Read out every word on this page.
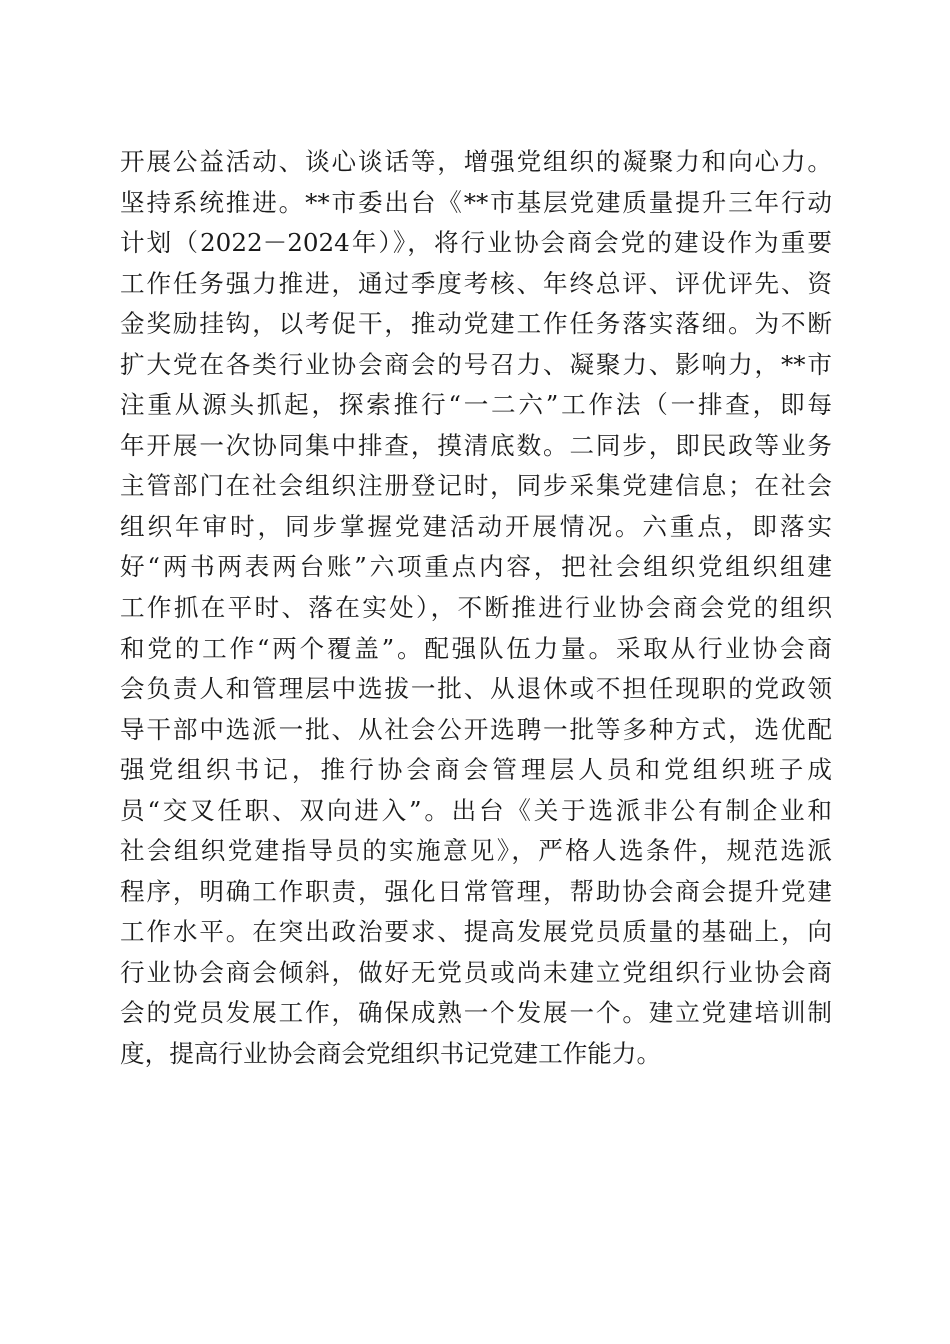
开展公益活动、谈心谈话等，增强党组织的凝聚力和向心力。
坚持系统推进。**市委出台《**市基层党建质量提升三年行动
计划（2022－2024年）》，将行业协会商会党的建设作为重要
工作任务强力推进，通过季度考核、年终总评、评优评先、资
金奖励挂钩，以考促干，推动党建工作任务落实落细。为不断
扩大党在各类行业协会商会的号召力、凝聚力、影响力，**市
注重从源头抓起，探索推行“一二六”工作法（一排查，即每
年开展一次协同集中排查，摸清底数。二同步，即民政等业务
主管部门在社会组织注册登记时，同步采集党建信息；在社会
组织年审时，同步掌握党建活动开展情况。六重点，即落实
好“两书两表两台账”六项重点内容，把社会组织党组织组建
工作抓在平时、落在实处），不断推进行业协会商会党的组织
和党的工作“两个覆盖”。配强队伍力量。采取从行业协会商
会负责人和管理层中选拔一批、从退休或不担任现职的党政领
导干部中选派一批、从社会公开选聘一批等多种方式，选优配
强党组织书记，推行协会商会管理层人员和党组织班子成
员“交叉任职、双向进入”。出台《关于选派非公有制企业和
社会组织党建指导员的实施意见》，严格人选条件，规范选派
程序，明确工作职责，强化日常管理，帮助协会商会提升党建
工作水平。在突出政治要求、提高发展党员质量的基础上，向
行业协会商会倾斜，做好无党员或尚未建立党组织行业协会商
会的党员发展工作，确保成熟一个发展一个。建立党建培训制
度，提高行业协会商会党组织书记党建工作能力。
